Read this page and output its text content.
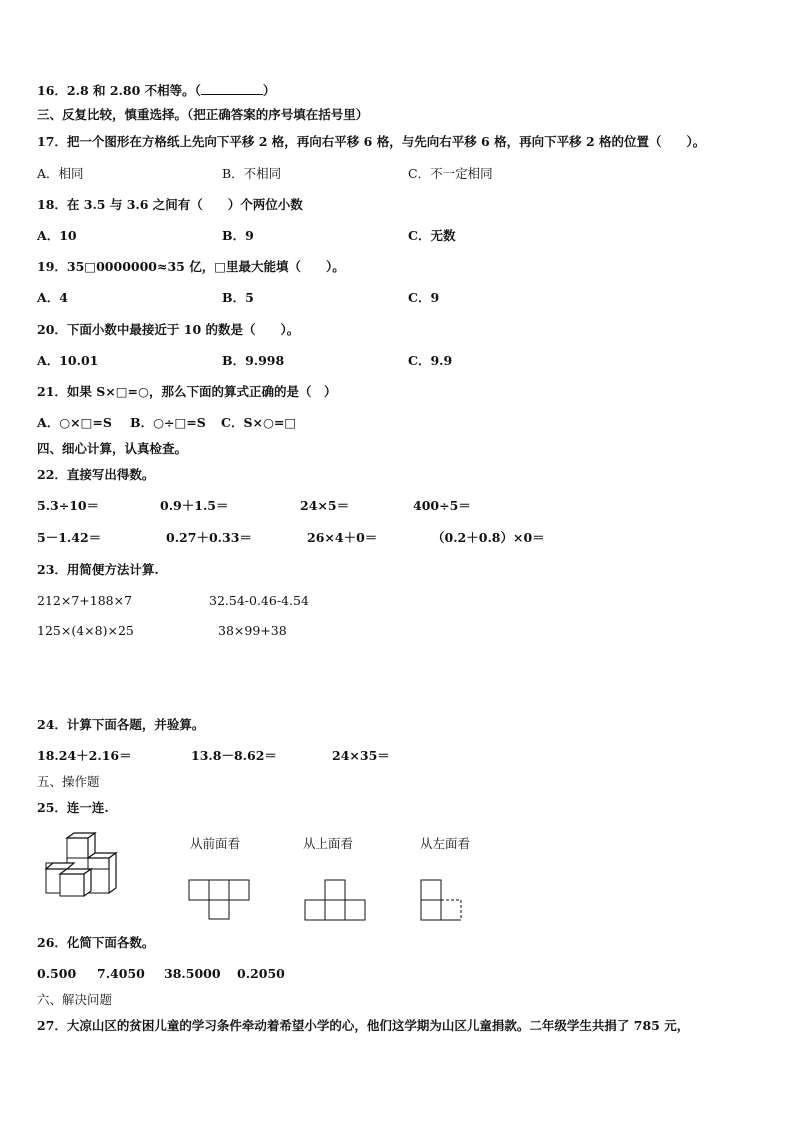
16．2.8 和 2.80 不相等。（	）
三、反复比较，慎重选择。（把正确答案的序号填在括号里）
17．把一个图形在方格纸上先向下平移 2 格，再向右平移 6 格，与先向右平移 6 格，再向下平移 2 格的位置（　　）。
A．相同	B．不相同	C．不一定相同
18．在 3.5 与 3.6 之间有（　　）个两位小数
A．10	B．9	C．无数
19．35□0000000≈35 亿，□里最大能填（　　）。
A．4	B．5	C．9
20．下面小数中最接近于 10 的数是（　　）。
A．10.01	B．9.998	C．9.9
21．如果 S×□=○，那么下面的算式正确的是（　）
A．○×□=S B．○÷□=S C．S×○=□
四、细心计算，认真检查。
22．直接写出得数。
5.3÷10＝	0.9＋1.5＝	24×5＝	400÷5＝
5－1.42＝	0.27＋0.33＝	26×4＋0＝	（0.2＋0.8）×0＝
23．用简便方法计算.
212×7+188×7	32.54-0.46-4.54
125×(4×8)×25	38×99+38
24．计算下面各题，并验算。
18.24＋2.16＝	13.8－8.62＝	24×35＝
五、操作题
25．连一连.
从前面看	从上面看	从左面看
26．化简下面各数。
0.500 7.4050 38.5000 0.2050
六、解决问题
27．大凉山区的贫困儿童的学习条件牵动着希望小学的心，他们这学期为山区儿童捐款。二年级学生共捐了 785 元，
